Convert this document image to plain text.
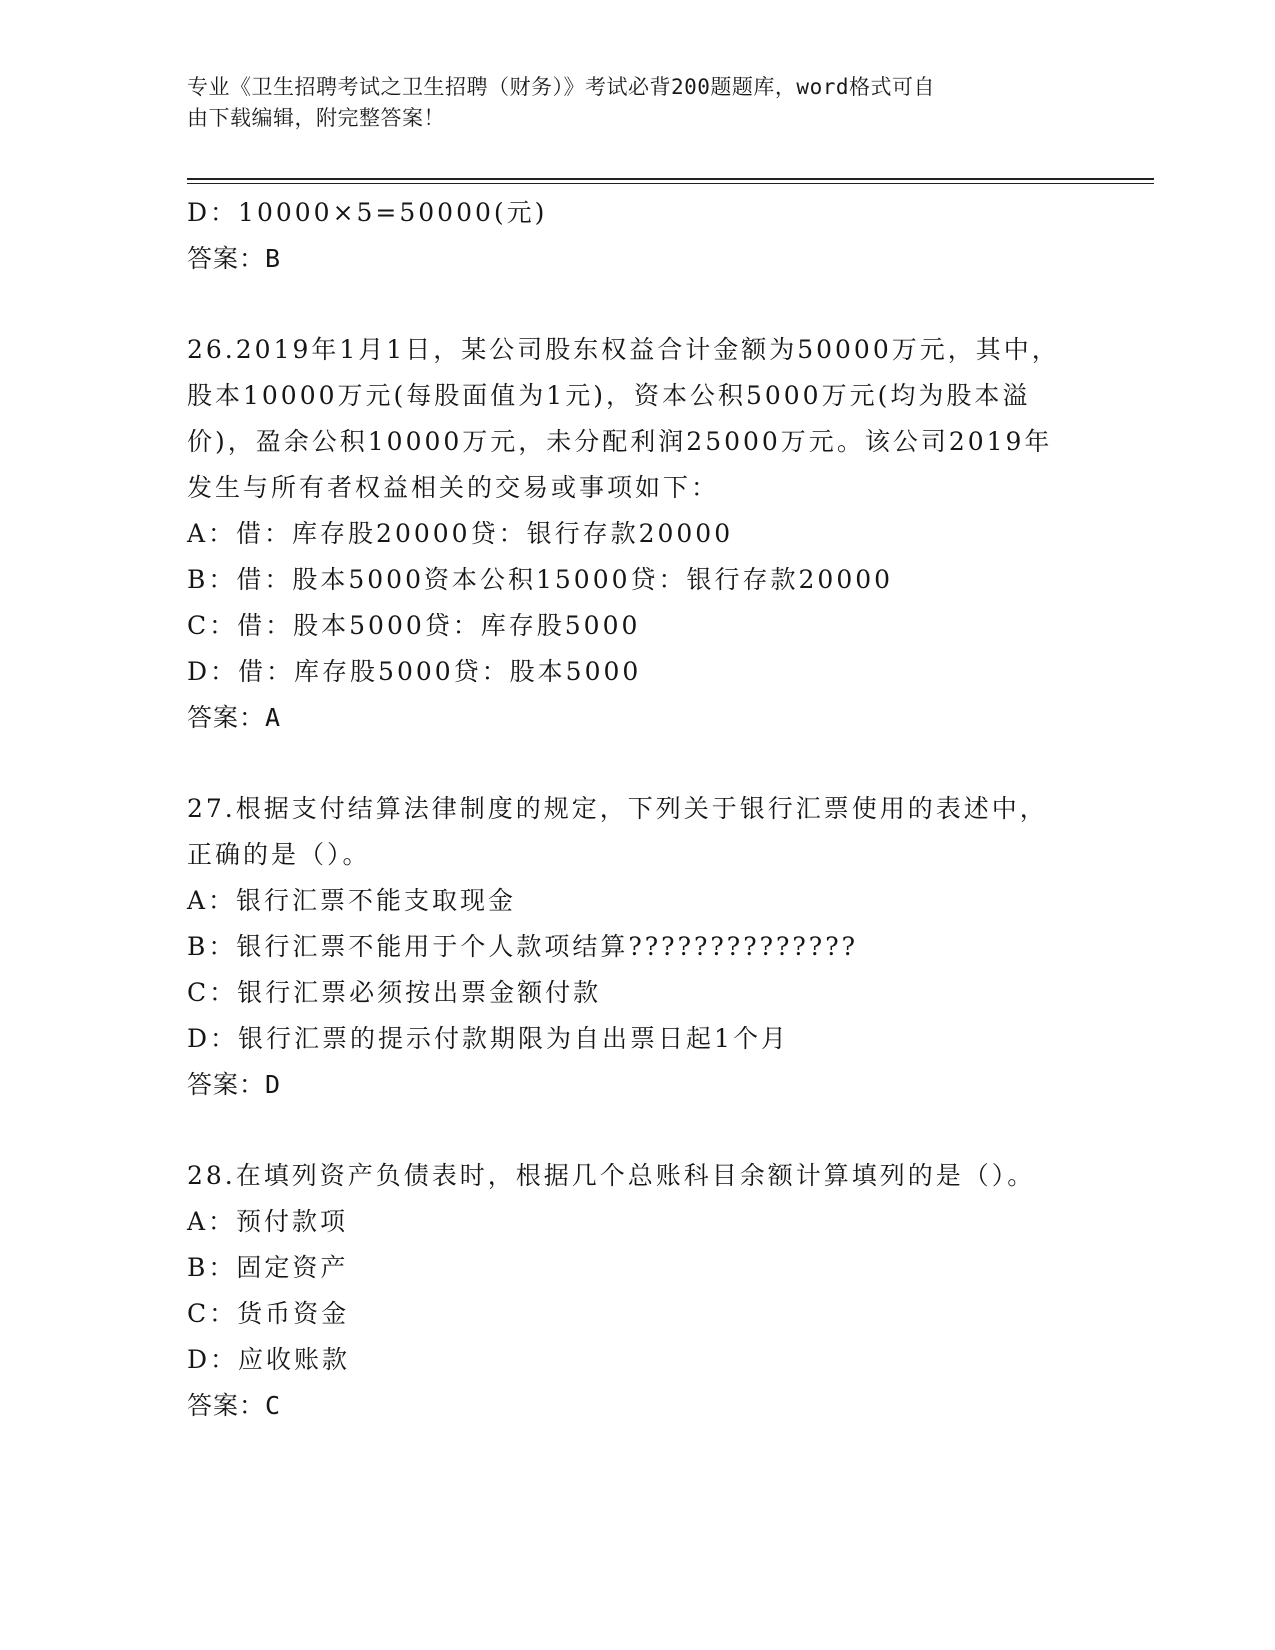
专业《卫生招聘考试之卫生招聘（财务）》考试必背200题题库，word格式可自
由下载编辑，附完整答案！
D：10000×5=50000(元)
答案：B
26.2019年1月1日，某公司股东权益合计金额为50000万元，其中，
股本10000万元(每股面值为1元)，资本公积5000万元(均为股本溢
价)，盈余公积10000万元，未分配利润25000万元。该公司2019年
发生与所有者权益相关的交易或事项如下：
A：借：库存股20000贷：银行存款20000
B：借：股本5000资本公积15000贷：银行存款20000
C：借：股本5000贷：库存股5000
D：借：库存股5000贷：股本5000
答案：A
27.根据支付结算法律制度的规定，下列关于银行汇票使用的表述中，
正确的是（）。
A：银行汇票不能支取现金
B：银行汇票不能用于个人款项结算??????????????
C：银行汇票必须按出票金额付款
D：银行汇票的提示付款期限为自出票日起1个月
答案：D
28.在填列资产负债表时，根据几个总账科目余额计算填列的是（）。
A：预付款项
B：固定资产
C：货币资金
D：应收账款
答案：C
